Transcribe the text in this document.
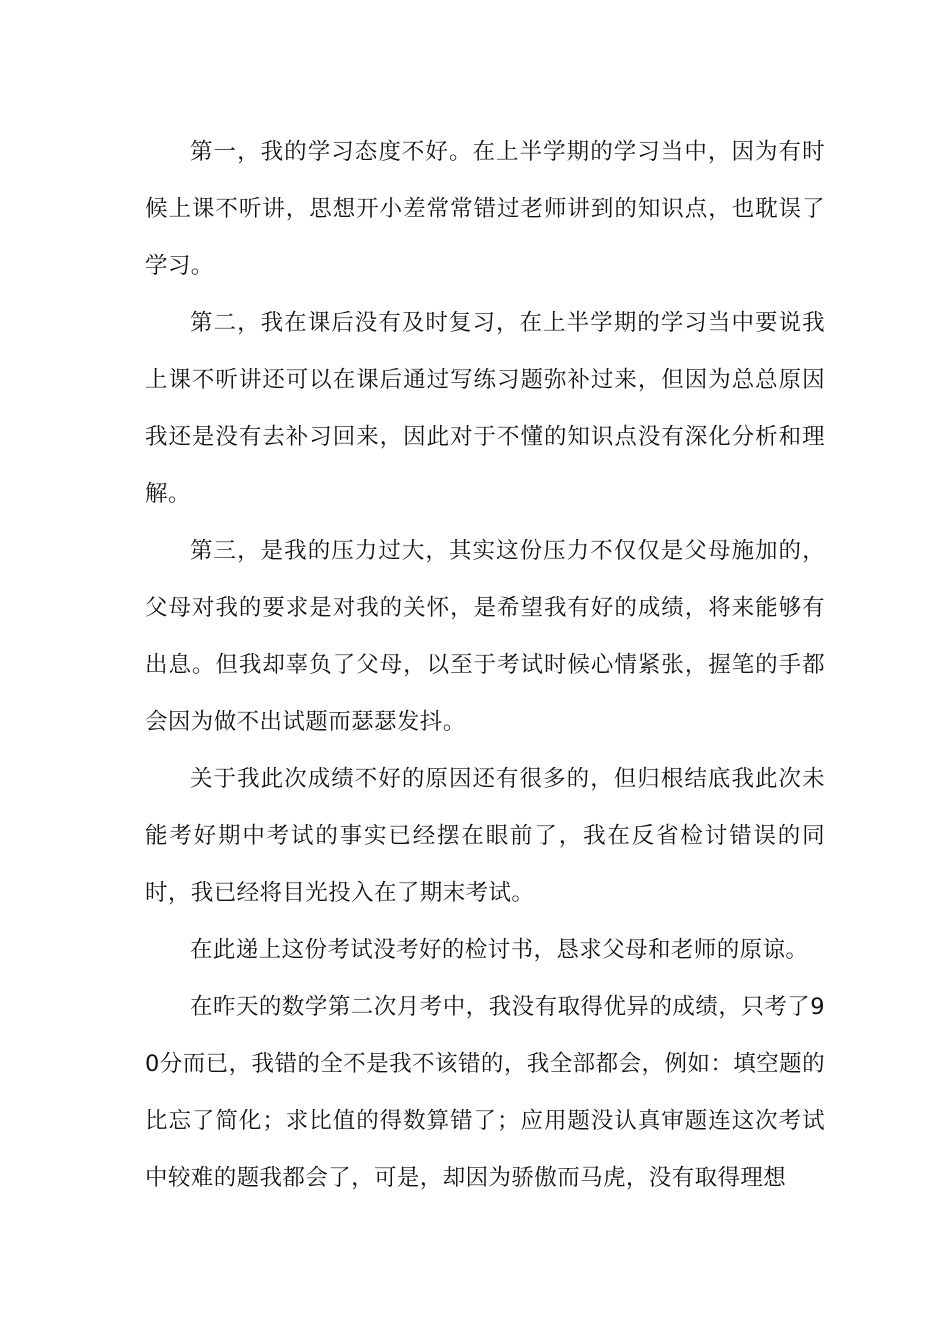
第一，我的学习态度不好。在上半学期的学习当中，因为有时候上课不听讲，思想开小差常常错过老师讲到的知识点，也耽误了学习。

第二，我在课后没有及时复习，在上半学期的学习当中要说我上课不听讲还可以在课后通过写练习题弥补过来，但因为总总原因我还是没有去补习回来，因此对于不懂的知识点没有深化分析和理解。

第三，是我的压力过大，其实这份压力不仅仅是父母施加的，父母对我的要求是对我的关怀，是希望我有好的成绩，将来能够有出息。但我却辜负了父母，以至于考试时候心情紧张，握笔的手都会因为做不出试题而瑟瑟发抖。

关于我此次成绩不好的原因还有很多的，但归根结底我此次未能考好期中考试的事实已经摆在眼前了，我在反省检讨错误的同时，我已经将目光投入在了期末考试。

在此递上这份考试没考好的检讨书，恳求父母和老师的原谅。

在昨天的数学第二次月考中，我没有取得优异的成绩，只考了90分而已，我错的全不是我不该错的，我全部都会，例如：填空题的比忘了简化；求比值的得数算错了；应用题没认真审题连这次考试中较难的题我都会了，可是，却因为骄傲而马虎，没有取得理想
